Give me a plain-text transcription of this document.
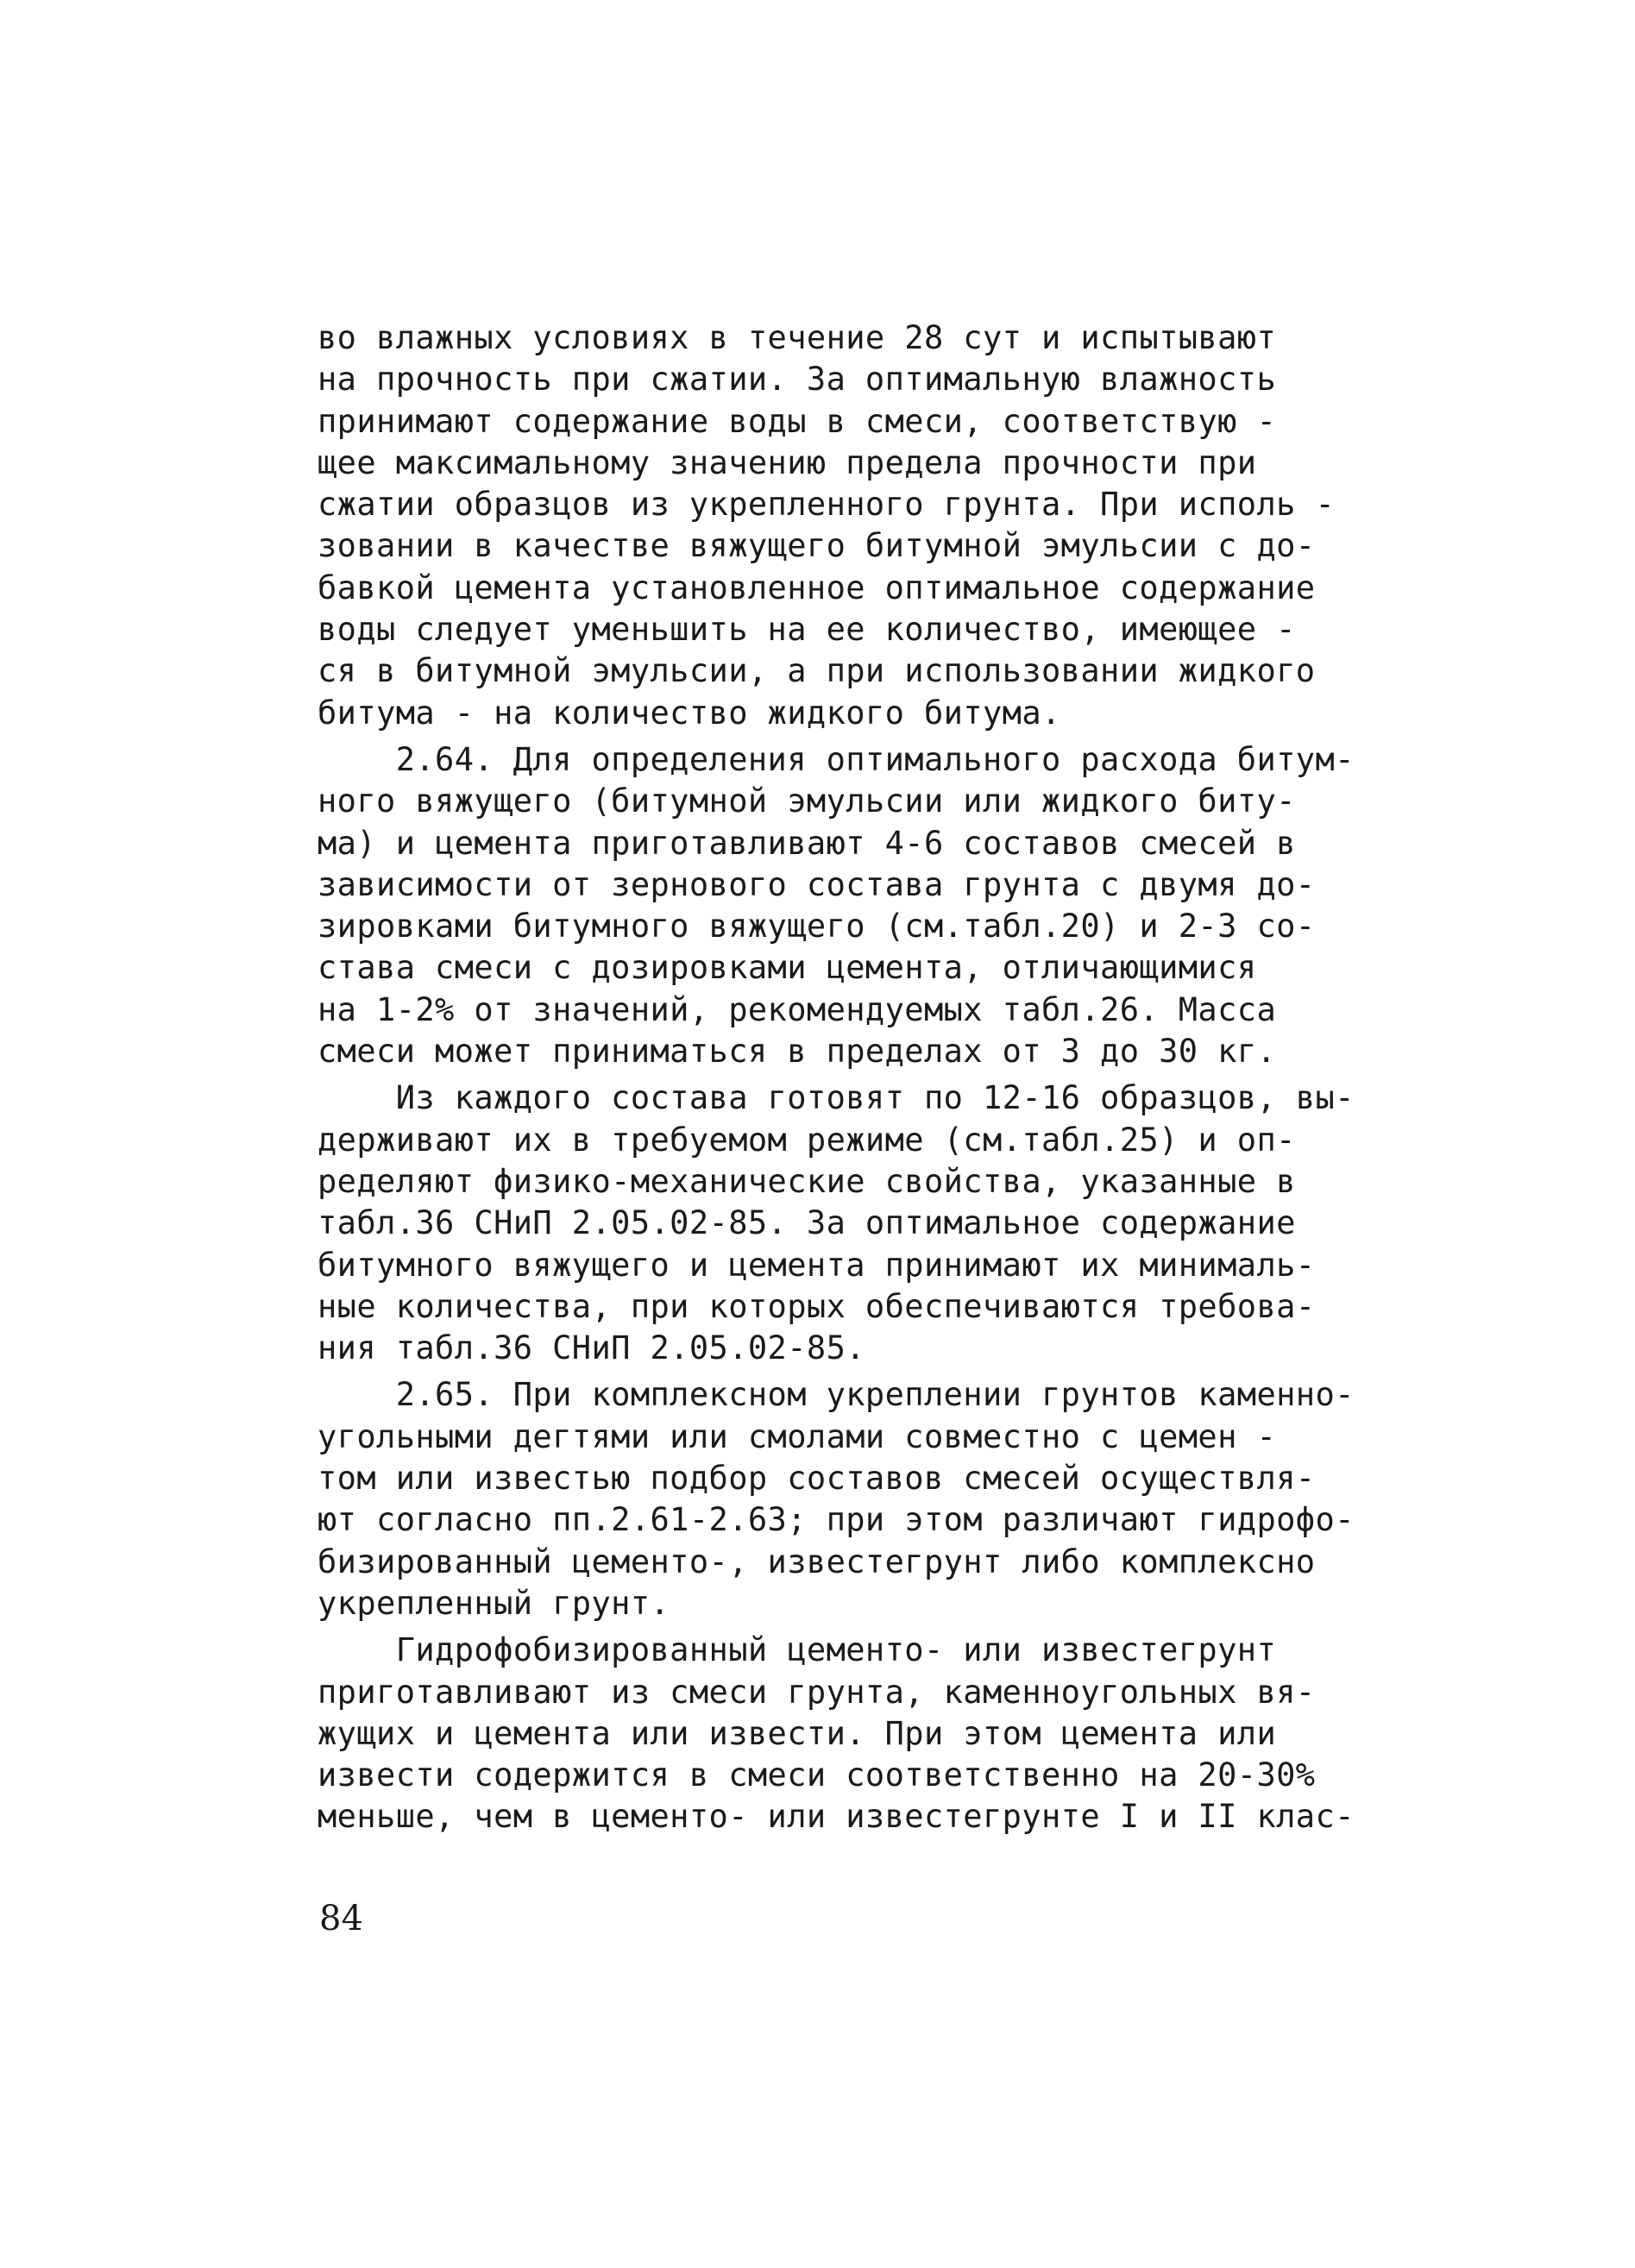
во влажных условиях в течение 28 сут и испытывают
на прочность при сжатии. За оптимальную влажность
принимают содержание воды в смеси, соответствую -
щее максимальному значению предела прочности при
сжатии образцов из укрепленного грунта. При исполь -
зовании в качестве вяжущего битумной эмульсии с до-
бавкой цемента установленное оптимальное содержание
воды следует уменьшить на ее количество, имеющее -
ся в битумной эмульсии, а при использовании жидкого
битума - на количество жидкого битума.
2.64. Для определения оптимального расхода битум-
ного вяжущего (битумной эмульсии или жидкого биту-
ма) и цемента приготавливают 4-6 составов смесей в
зависимости от зернового состава грунта с двумя до-
зировками битумного вяжущего (см.табл.20) и 2-3 со-
става смеси с дозировками цемента, отличающимися
на 1-2% от значений, рекомендуемых табл.26. Масса
смеси может приниматься в пределах от 3 до 30 кг.
Из каждого состава готовят по 12-16 образцов, вы-
держивают их в требуемом режиме (см.табл.25) и оп-
ределяют физико-механические свойства, указанные в
табл.36 СНиП 2.05.02-85. За оптимальное содержание
битумного вяжущего и цемента принимают их минималь-
ные количества, при которых обеспечиваются требова-
ния табл.36 СНиП 2.05.02-85.
2.65. При комплексном укреплении грунтов каменно-
угольными дегтями или смолами совместно с цемен -
том или известью подбор составов смесей осуществля-
ют согласно пп.2.61-2.63; при этом различают гидрофо-
бизированный цементо-, известегрунт либо комплексно
укрепленный грунт.
Гидрофобизированный цементо- или известегрунт
приготавливают из смеси грунта, каменноугольных вя-
жущих и цемента или извести. При этом цемента или
извести содержится в смеси соответственно на 20-30%
меньше, чем в цементо- или известегрунте I и II клас-
84
